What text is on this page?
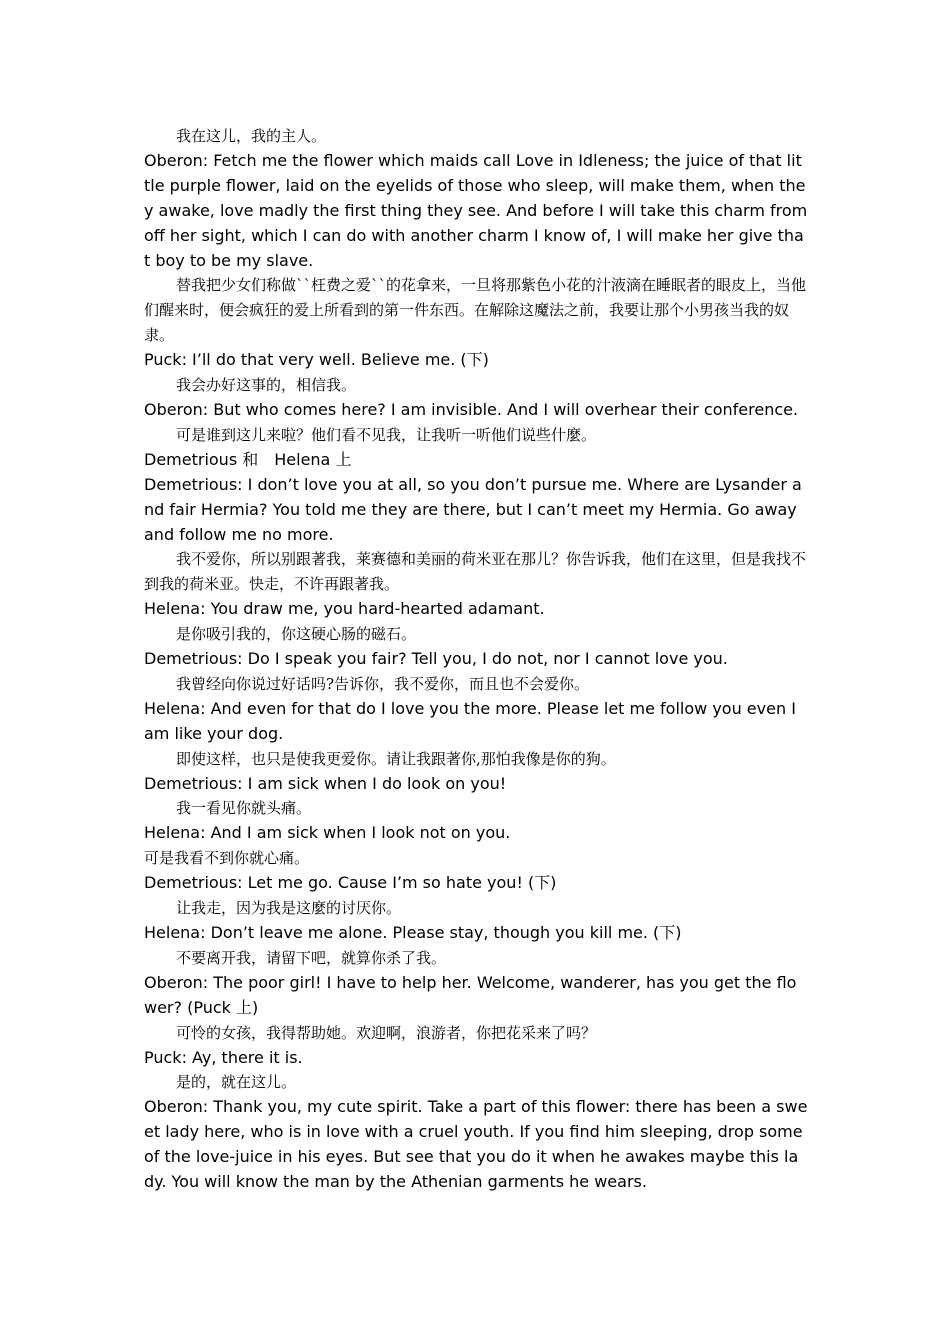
我在这儿，我的主人。
Oberon: Fetch me the flower which maids call Love in Idleness; the juice of that little purple flower, laid on the eyelids of those who sleep, will make them, when they awake, love madly the first thing they see. And before I will take this charm from off her sight, which I can do with another charm I know of, I will make her give that boy to be my slave.
替我把少女们称做``枉费之爱``的花拿来，一旦将那紫色小花的汁液滴在睡眠者的眼皮上，当他们醒来时，便会疯狂的爱上所看到的第一件东西。在解除这魔法之前，我要让那个小男孩当我的奴隶。
Puck: I’ll do that very well. Believe me. (下)
我会办好这事的，相信我。
Oberon: But who comes here? I am invisible. And I will overhear their conference.
可是谁到这儿来啦？他们看不见我，让我听一听他们说些什麼。
Demetrious 和　Helena 上
Demetrious: I don’t love you at all, so you don’t pursue me. Where are Lysander and fair Hermia? You told me they are there, but I can’t meet my Hermia. Go away and follow me no more.
我不爱你，所以别跟著我，莱赛德和美丽的荷米亚在那儿？你告诉我，他们在这里，但是我找不到我的荷米亚。快走，不许再跟著我。
Helena: You draw me, you hard-hearted adamant.
是你吸引我的，你这硬心肠的磁石。
Demetrious: Do I speak you fair? Tell you, I do not, nor I cannot love you.
我曾经向你说过好话吗?告诉你，我不爱你，而且也不会爱你。
Helena: And even for that do I love you the more. Please let me follow you even I am like your dog.
即使这样，也只是使我更爱你。请让我跟著你,那怕我像是你的狗。
Demetrious: I am sick when I do look on you!
我一看见你就头痛。
Helena: And I am sick when I look not on you.
可是我看不到你就心痛。
Demetrious: Let me go. Cause I’m so hate you! (下)
让我走，因为我是这麼的讨厌你。
Helena: Don’t leave me alone. Please stay, though you kill me. (下)
不要离开我，请留下吧，就算你杀了我。
Oberon: The poor girl! I have to help her. Welcome, wanderer, has you get the flower? (Puck 上)
可怜的女孩，我得帮助她。欢迎啊，浪游者，你把花采来了吗？
Puck: Ay, there it is.
是的，就在这儿。
Oberon: Thank you, my cute spirit. Take a part of this flower: there has been a sweet lady here, who is in love with a cruel youth. If you find him sleeping, drop some of the love-juice in his eyes. But see that you do it when he awakes maybe this lady. You will know the man by the Athenian garments he wears.
